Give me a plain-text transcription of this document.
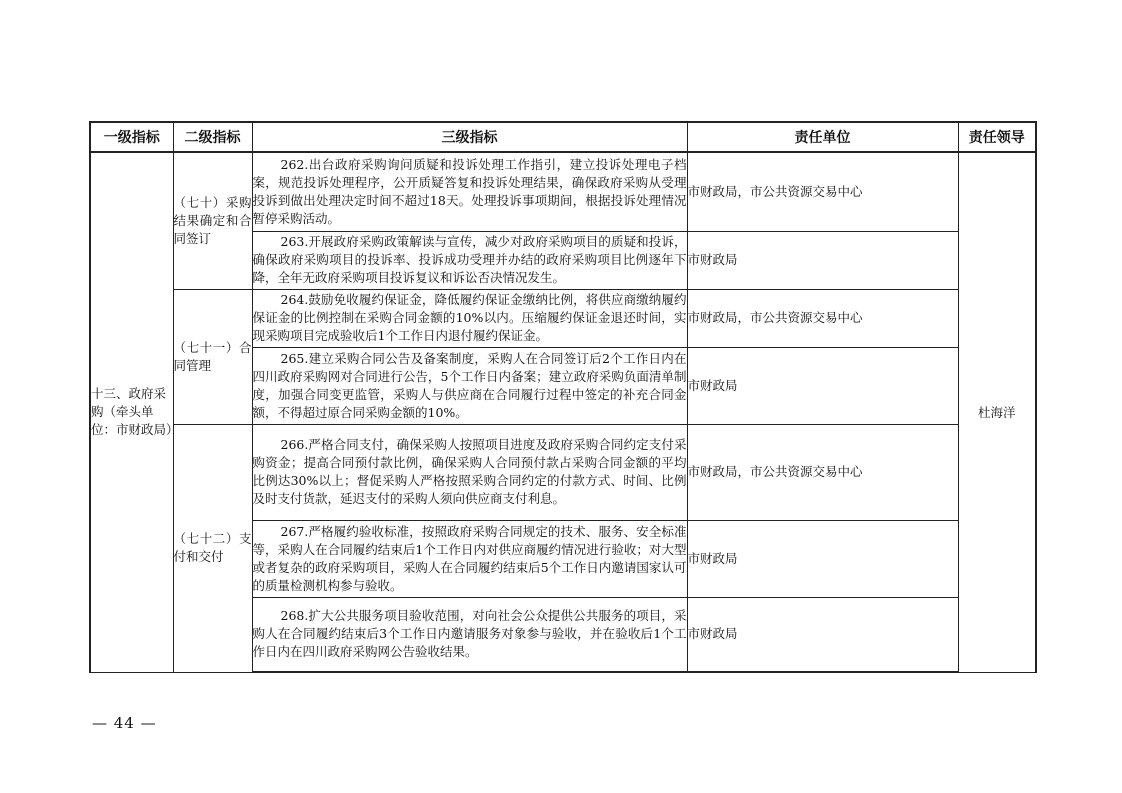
一级指标	二级指标	三级指标	责任单位	责任领导
十三、政府采购（牵头单位：市财政局）	（七十）采购结果确定和合同签订	262.出台政府采购询问质疑和投诉处理工作指引，建立投诉处理电子档案，规范投诉处理程序，公开质疑答复和投诉处理结果，确保政府采购从受理投诉到做出处理决定时间不超过18天。处理投诉事项期间，根据投诉处理情况暂停采购活动。	市财政局，市公共资源交易中心	杜海洋
		263.开展政府采购政策解读与宣传，减少对政府采购项目的质疑和投诉，确保政府采购项目的投诉率、投诉成功受理并办结的政府采购项目比例逐年下降，全年无政府采购项目投诉复议和诉讼否决情况发生。	市财政局	
	（七十一）合同管理	264.鼓励免收履约保证金，降低履约保证金缴纳比例，将供应商缴纳履约保证金的比例控制在采购合同金额的10%以内。压缩履约保证金退还时间，实现采购项目完成验收后1个工作日内退付履约保证金。	市财政局，市公共资源交易中心	
		265.建立采购合同公告及备案制度，采购人在合同签订后2个工作日内在四川政府采购网对合同进行公告，5个工作日内备案；建立政府采购负面清单制度，加强合同变更监管，采购人与供应商在合同履行过程中签定的补充合同金额，不得超过原合同采购金额的10%。	市财政局	
	（七十二）支付和交付	266.严格合同支付，确保采购人按照项目进度及政府采购合同约定支付采购资金；提高合同预付款比例，确保采购人合同预付款占采购合同金额的平均比例达30%以上；督促采购人严格按照采购合同约定的付款方式、时间、比例及时支付货款，延迟支付的采购人须向供应商支付利息。	市财政局，市公共资源交易中心	
		267.严格履约验收标准，按照政府采购合同规定的技术、服务、安全标准等，采购人在合同履约结束后1个工作日内对供应商履约情况进行验收；对大型或者复杂的政府采购项目，采购人在合同履约结束后5个工作日内邀请国家认可的质量检测机构参与验收。	市财政局	
		268.扩大公共服务项目验收范围，对向社会公众提供公共服务的项目，采购人在合同履约结束后3个工作日内邀请服务对象参与验收，并在验收后1个工作日内在四川政府采购网公告验收结果。	市财政局	
— 44 —
